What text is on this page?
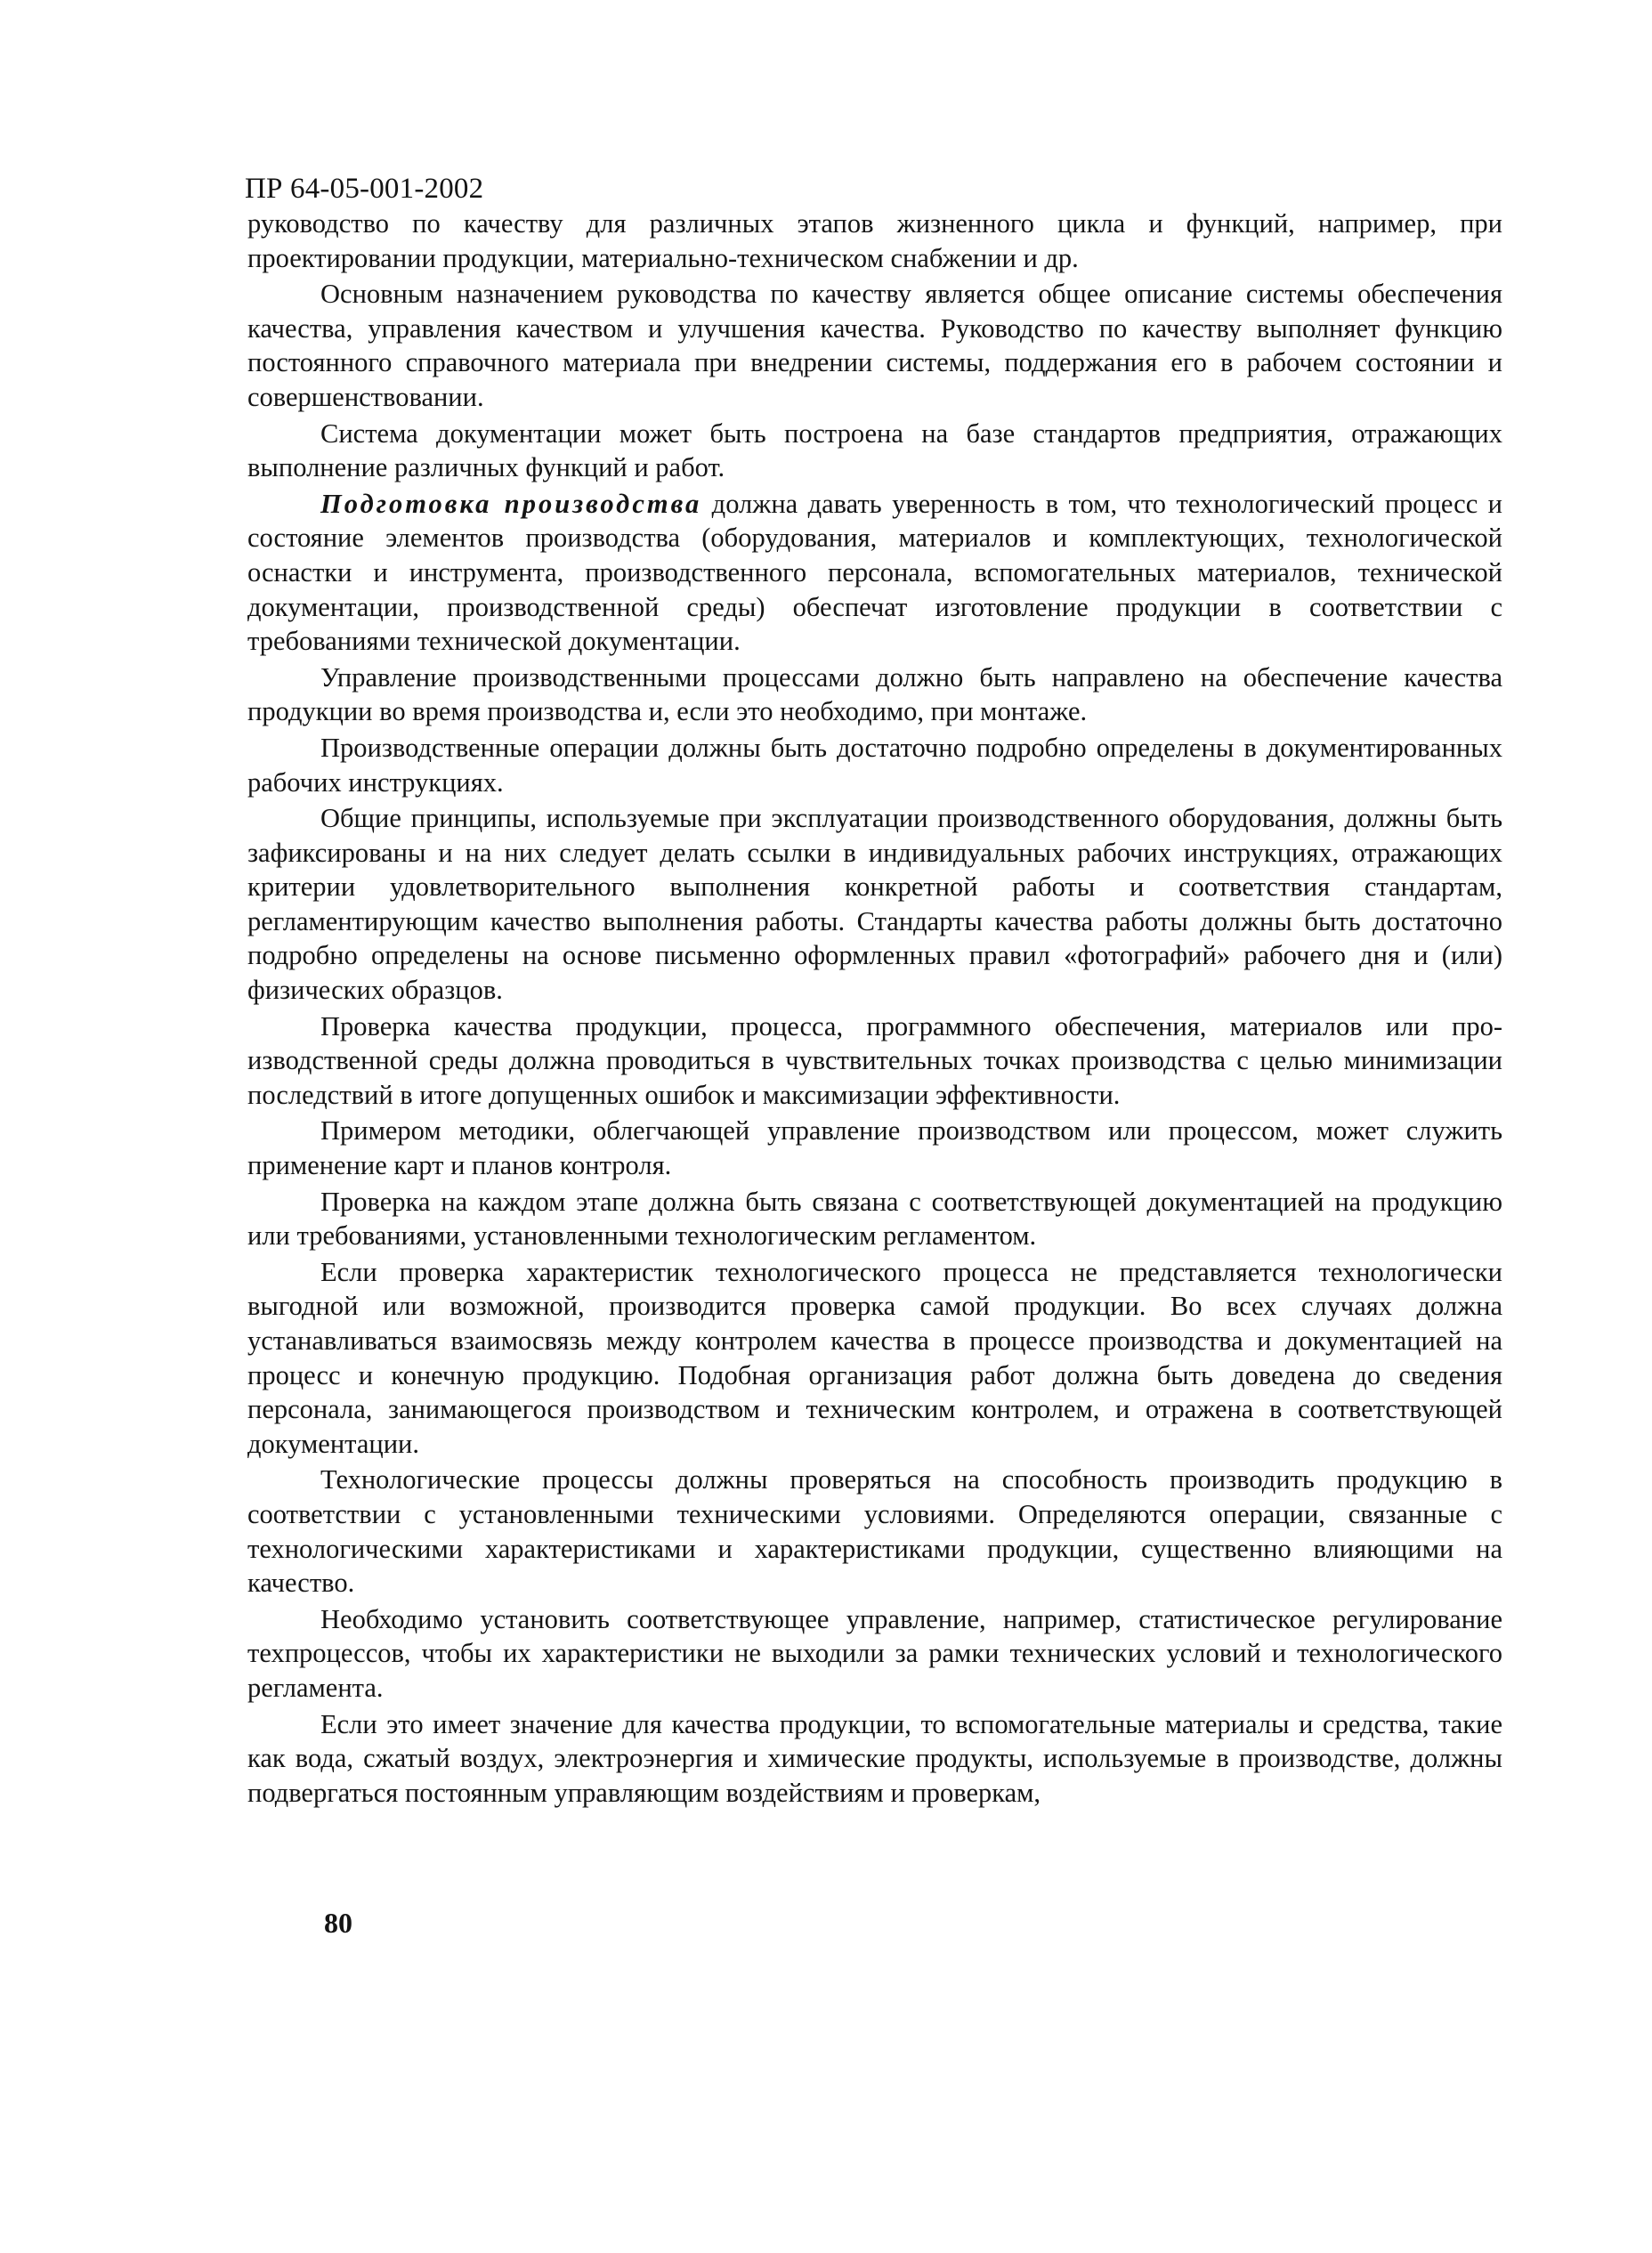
ПР 64-05-001-2002

руководство по качеству для различных этапов жизненного цикла и функций, например, при проектировании продукции, материально-техническом снабжении и др.

Основным назначением руководства по качеству является общее описание системы обеспечения качества, управления качеством и улучшения качества. Руководство по качеству выполняет функцию постоянного справочного материала при внедрении системы, поддержания его в рабочем состоянии и совершенствовании.

Система документации может быть построена на базе стандартов предприятия, отражающих выполнение различных функций и работ.

Подготовка производства должна давать уверенность в том, что технологический процесс и состояние элементов производства (оборудования, материалов и комплектующих, технологической оснастки и инструмента, производственного персонала, вспомогательных материалов, технической документации, производственной среды) обеспечат изготовление продукции в соответствии с требованиями технической документации.

Управление производственными процессами должно быть направлено на обеспечение качества продукции во время производства и, если это необходимо, при монтаже.

Производственные операции должны быть достаточно подробно определены в документированных рабочих инструкциях.

Общие принципы, используемые при эксплуатации производственного оборудования, должны быть зафиксированы и на них следует делать ссылки в индивидуальных рабочих инструкциях, отражающих критерии удовлетворительного выполнения конкретной работы и соответствия стандартам, регламентирующим качество выполнения работы. Стандарты качества работы должны быть достаточно подробно определены на основе письменно оформленных правил «фотографий» рабочего дня и (или) физических образцов.

Проверка качества продукции, процесса, программного обеспечения, материалов или производственной среды должна проводиться в чувствительных точках производства с целью минимизации последствий в итоге допущенных ошибок и максимизации эффективности.

Примером методики, облегчающей управление производством или процессом, может служить применение карт и планов контроля.

Проверка на каждом этапе должна быть связана с соответствующей документацией на продукцию или требованиями, установленными технологическим регламентом.

Если проверка характеристик технологического процесса не представляется технологически выгодной или возможной, производится проверка самой продукции. Во всех случаях должна устанавливаться взаимосвязь между контролем качества в процессе производства и документацией на процесс и конечную продукцию. Подобная организация работ должна быть доведена до сведения персонала, занимающегося производством и техническим контролем, и отражена в соответствующей документации.

Технологические процессы должны проверяться на способность производить продукцию в соответствии с установленными техническими условиями. Определяются операции, связанные с технологическими характеристиками и характеристиками продукции, существенно влияющими на качество.

Необходимо установить соответствующее управление, например, статистическое регулирование техпроцессов, чтобы их характеристики не выходили за рамки технических условий и технологического регламента.

Если это имеет значение для качества продукции, то вспомогательные материалы и средства, такие как вода, сжатый воздух, электроэнергия и химические продукты, используемые в производстве, должны подвергаться постоянным управляющим воздействиям и проверкам,

80
